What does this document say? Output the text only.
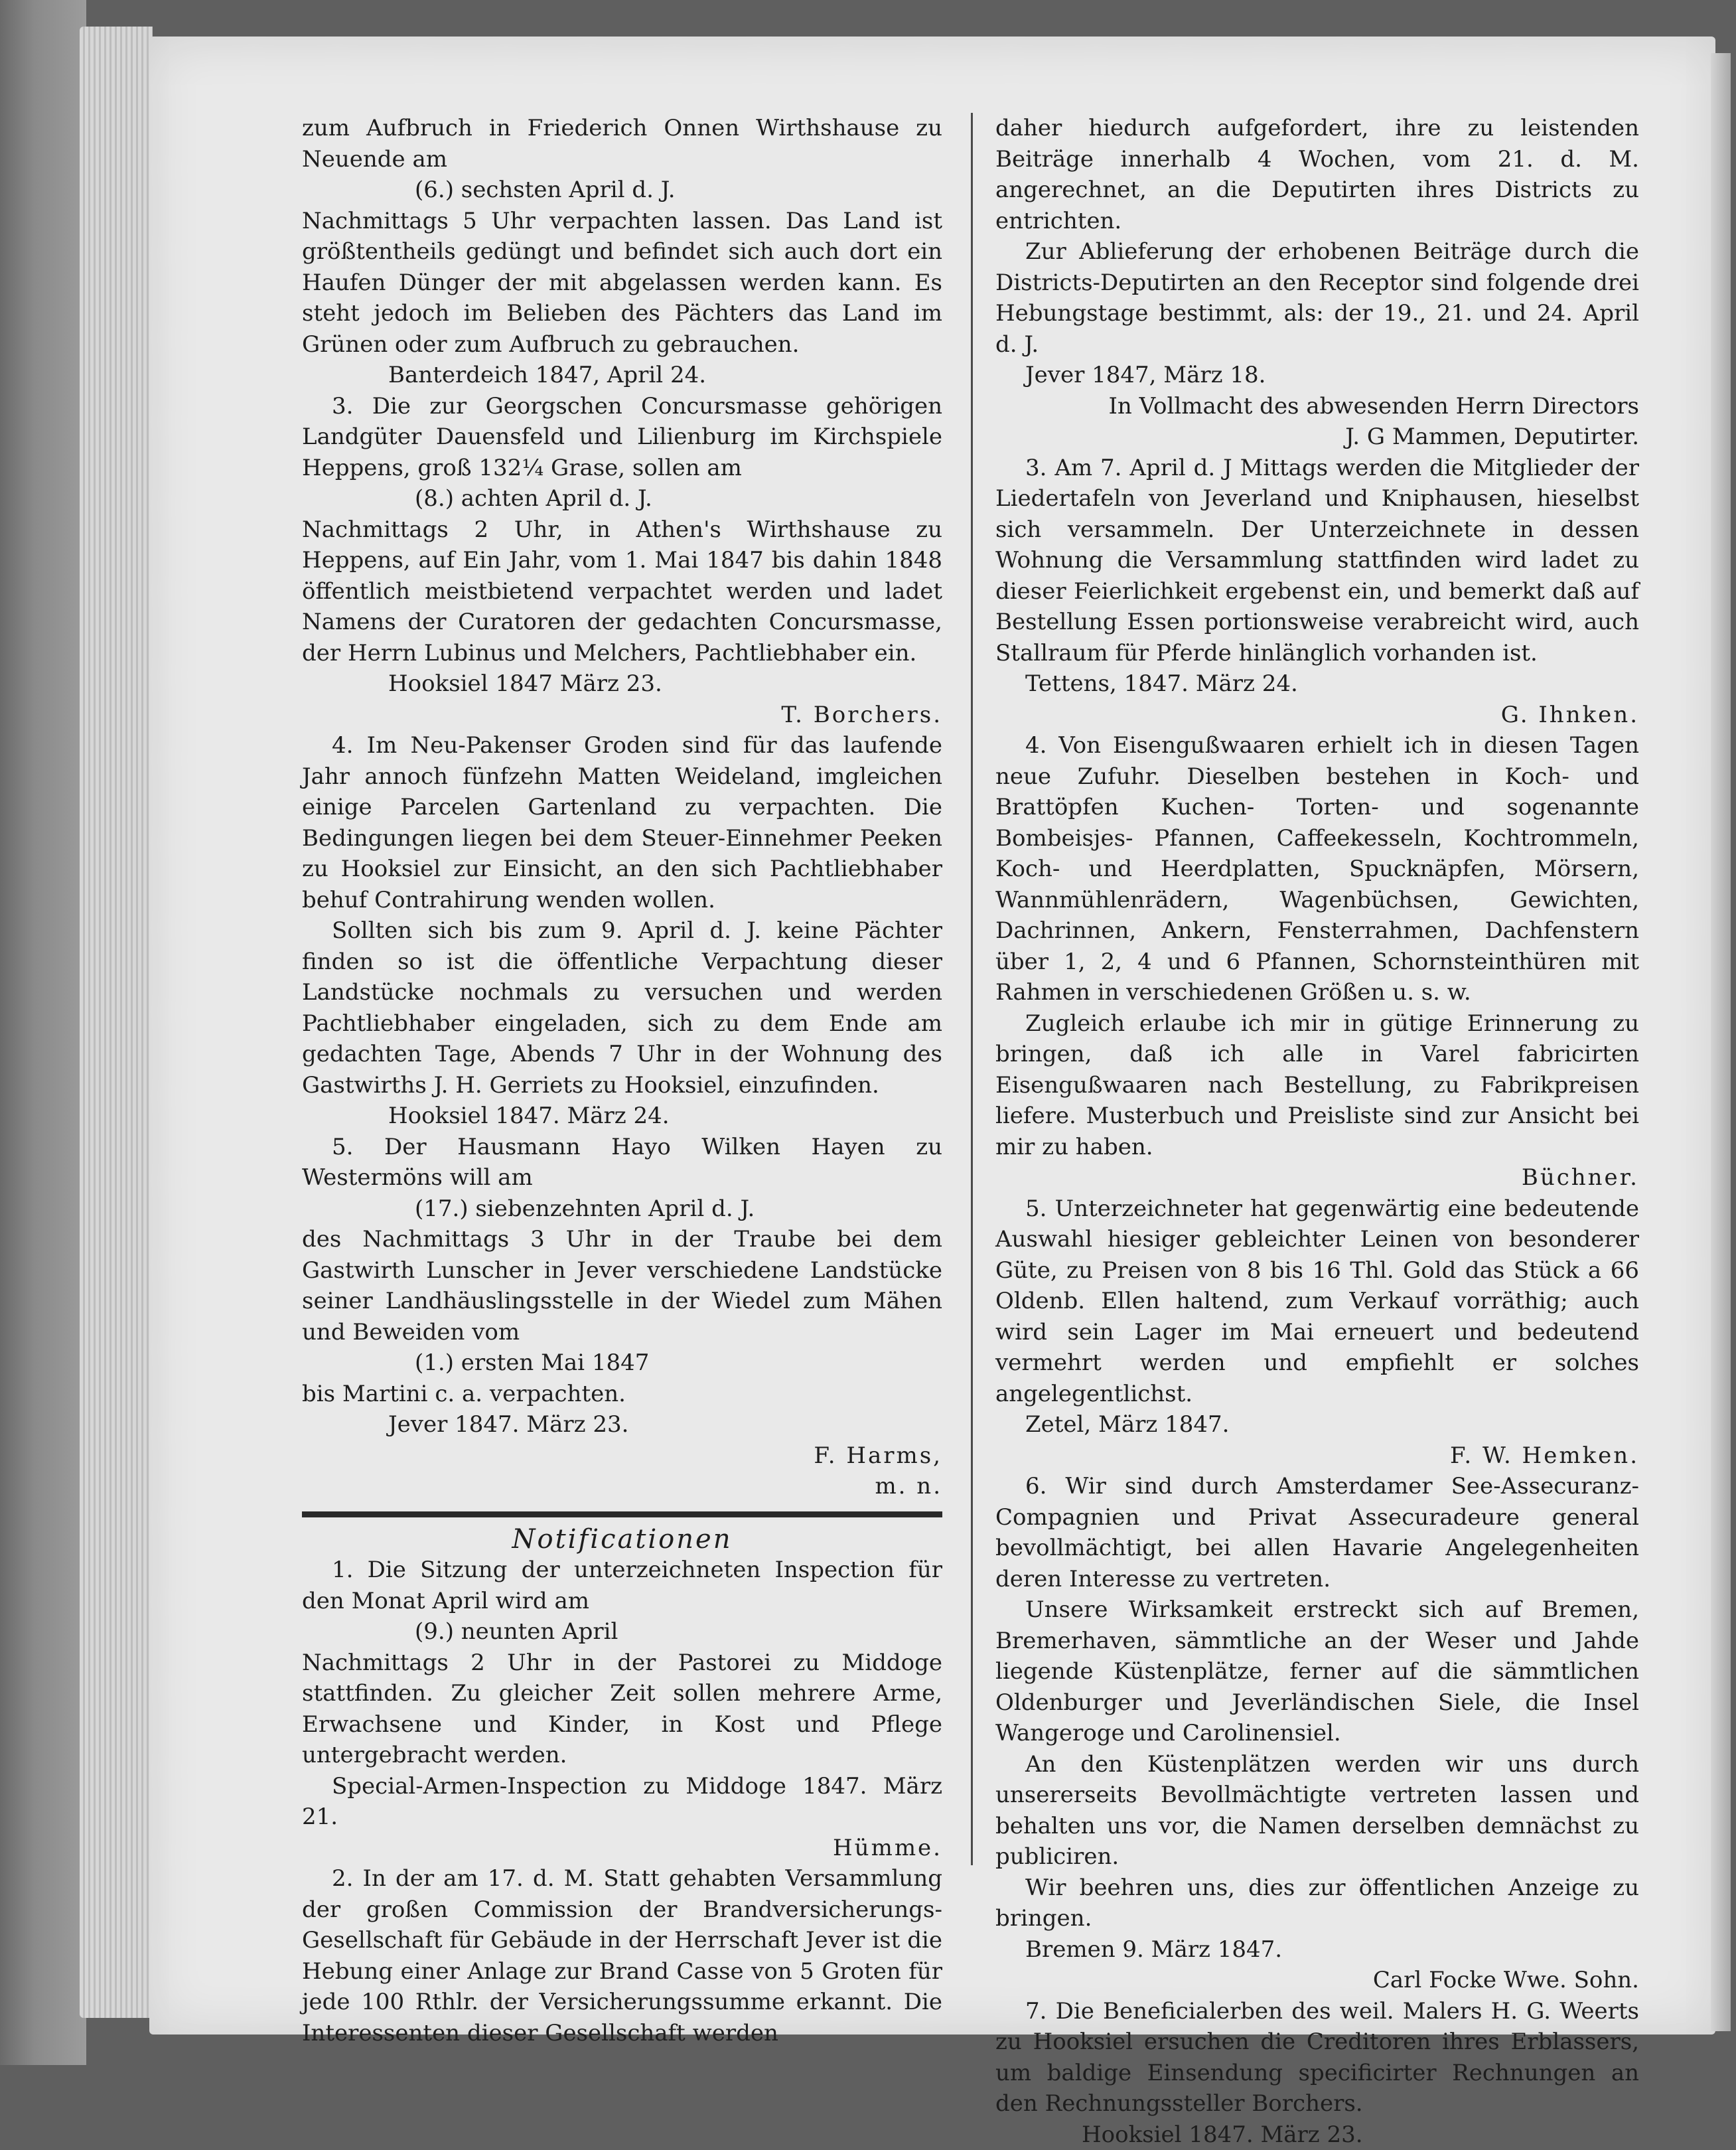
zum Aufbruch in Friederich Onnen Wirthshause zu Neuende am

(6.) sechsten April d. J.

Nachmittags 5 Uhr verpachten lassen. Das Land ist größtentheils gedüngt und befindet sich auch dort ein Haufen Dünger der mit abgelassen werden kann. Es steht jedoch im Belieben des Pächters das Land im Grünen oder zum Aufbruch zu gebrauchen.

Banterdeich 1847, April 24.

3. Die zur Georgschen Concursmasse gehörigen Landgüter Dauensfeld und Lilienburg im Kirchspiele Heppens, groß 132¼ Grase, sollen am

(8.) achten April d. J.

Nachmittags 2 Uhr, in Athen's Wirthshause zu Heppens, auf Ein Jahr, vom 1. Mai 1847 bis dahin 1848 öffentlich meistbietend verpachtet werden und ladet Namens der Curatoren der gedachten Concursmasse, der Herrn Lubinus und Melchers, Pachtliebhaber ein.

Hooksiel 1847 März 23.

T. Borchers.

4. Im Neu-Pakenser Groden sind für das laufende Jahr annoch fünfzehn Matten Weideland, imgleichen einige Parcelen Gartenland zu verpachten. Die Bedingungen liegen bei dem Steuer-Einnehmer Peeken zu Hooksiel zur Einsicht, an den sich Pachtliebhaber behuf Contrahirung wenden wollen.

Sollten sich bis zum 9. April d. J. keine Pächter finden so ist die öffentliche Verpachtung dieser Landstücke nochmals zu versuchen und werden Pachtliebhaber eingeladen, sich zu dem Ende am gedachten Tage, Abends 7 Uhr in der Wohnung des Gastwirths J. H. Gerriets zu Hooksiel, einzufinden.

Hooksiel 1847. März 24.

5. Der Hausmann Hayo Wilken Hayen zu Westermöns will am

(17.) siebenzehnten April d. J.

des Nachmittags 3 Uhr in der Traube bei dem Gastwirth Lunscher in Jever verschiedene Landstücke seiner Landhäuslingsstelle in der Wiedel zum Mähen und Beweiden vom

(1.) ersten Mai 1847

bis Martini c. a. verpachten.

Jever 1847. März 23.

F. Harms,

m. n.

Notificationen

1. Die Sitzung der unterzeichneten Inspection für den Monat April wird am

(9.) neunten April

Nachmittags 2 Uhr in der Pastorei zu Middoge stattfinden. Zu gleicher Zeit sollen mehrere Arme, Erwachsene und Kinder, in Kost und Pflege untergebracht werden.

Special-Armen-Inspection zu Middoge 1847. März 21.

Hümme.

2. In der am 17. d. M. Statt gehabten Versammlung der großen Commission der Brandversicherungs-Gesellschaft für Gebäude in der Herrschaft Jever ist die Hebung einer Anlage zur Brand Casse von 5 Groten für jede 100 Rthlr. der Versicherungssumme erkannt. Die Interessenten dieser Gesellschaft werden

daher hiedurch aufgefordert, ihre zu leistenden Beiträge innerhalb 4 Wochen, vom 21. d. M. angerechnet, an die Deputirten ihres Districts zu entrichten.

Zur Ablieferung der erhobenen Beiträge durch die Districts-Deputirten an den Receptor sind folgende drei Hebungstage bestimmt, als: der 19., 21. und 24. April d. J.

Jever 1847, März 18.

In Vollmacht des abwesenden Herrn Directors

J. G Mammen, Deputirter.

3. Am 7. April d. J Mittags werden die Mitglieder der Liedertafeln von Jeverland und Kniphausen, hieselbst sich versammeln. Der Unterzeichnete in dessen Wohnung die Versammlung stattfinden wird ladet zu dieser Feierlichkeit ergebenst ein, und bemerkt daß auf Bestellung Essen portionsweise verabreicht wird, auch Stallraum für Pferde hinlänglich vorhanden ist.

Tettens, 1847. März 24.

G. Ihnken.

4. Von Eisengußwaaren erhielt ich in diesen Tagen neue Zufuhr. Dieselben bestehen in Koch- und Brattöpfen Kuchen- Torten- und sogenannte Bombeisjes- Pfannen, Caffeekesseln, Kochtrommeln, Koch- und Heerdplatten, Spucknäpfen, Mörsern, Wannmühlenrädern, Wagenbüchsen, Gewichten, Dachrinnen, Ankern, Fensterrahmen, Dachfenstern über 1, 2, 4 und 6 Pfannen, Schornsteinthüren mit Rahmen in verschiedenen Größen u. s. w.

Zugleich erlaube ich mir in gütige Erinnerung zu bringen, daß ich alle in Varel fabricirten Eisengußwaaren nach Bestellung, zu Fabrikpreisen liefere. Musterbuch und Preisliste sind zur Ansicht bei mir zu haben.

Büchner.

5. Unterzeichneter hat gegenwärtig eine bedeutende Auswahl hiesiger gebleichter Leinen von besonderer Güte, zu Preisen von 8 bis 16 Thl. Gold das Stück a 66 Oldenb. Ellen haltend, zum Verkauf vorräthig; auch wird sein Lager im Mai erneuert und bedeutend vermehrt werden und empfiehlt er solches angelegentlichst.

Zetel, März 1847.

F. W. Hemken.

6. Wir sind durch Amsterdamer See-Assecuranz-Compagnien und Privat Assecuradeure general bevollmächtigt, bei allen Havarie Angelegenheiten deren Interesse zu vertreten.

Unsere Wirksamkeit erstreckt sich auf Bremen, Bremerhaven, sämmtliche an der Weser und Jahde liegende Küstenplätze, ferner auf die sämmtlichen Oldenburger und Jeverländischen Siele, die Insel Wangeroge und Carolinensiel.

An den Küstenplätzen werden wir uns durch unsererseits Bevollmächtigte vertreten lassen und behalten uns vor, die Namen derselben demnächst zu publiciren.

Wir beehren uns, dies zur öffentlichen Anzeige zu bringen.

Bremen 9. März 1847.

Carl Focke Wwe. Sohn.

7. Die Beneficialerben des weil. Malers H. G. Weerts zu Hooksiel ersuchen die Creditoren ihres Erblassers, um baldige Einsendung specificirter Rechnungen an den Rechnungssteller Borchers.

Hooksiel 1847. März 23.
